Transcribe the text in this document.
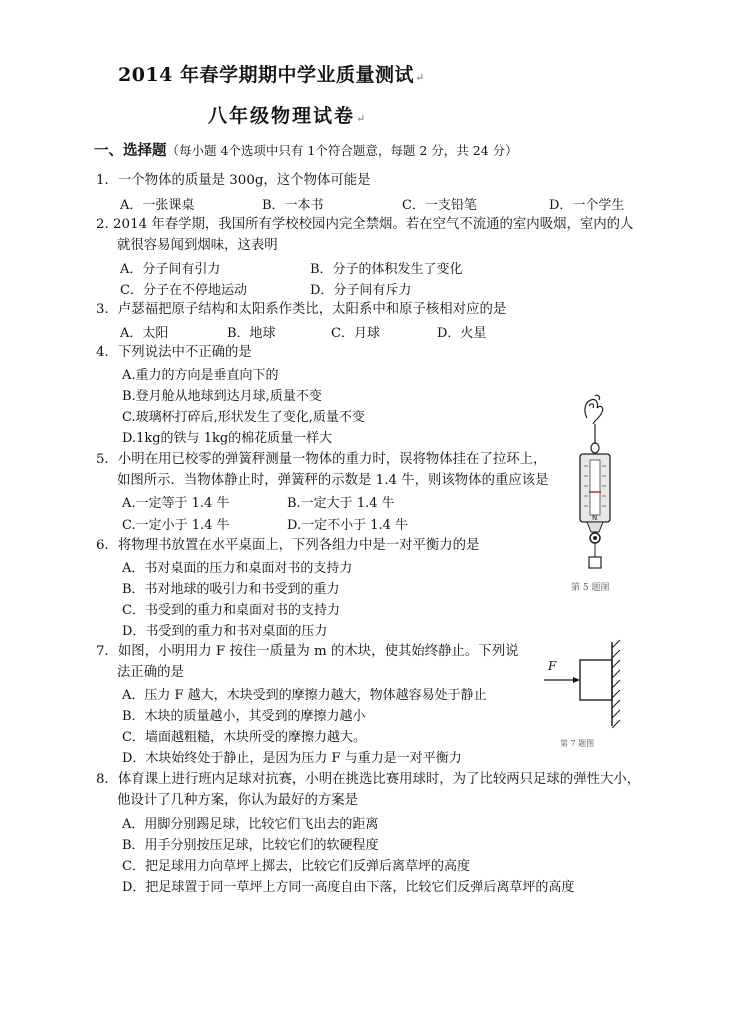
2014 年春学期期中学业质量测试↵
八年级物理试卷↵
一、选择题（每小题 4个选项中只有 1个符合题意，每题 2 分，共 24 分）
1．一个物体的质量是 300g，这个物体可能是
A．一张课桌	B．一本书	C．一支铅笔	D．一个学生
2. 2014 年春学期，我国所有学校校园内完全禁烟。若在空气不流通的室内吸烟，室内的人
就很容易闻到烟味，这表明
A．分子间有引力	B．分子的体积发生了变化
C．分子在不停地运动	D．分子间有斥力
3．卢瑟福把原子结构和太阳系作类比，太阳系中和原子核相对应的是
A．太阳	B．地球	C．月球	D．火星
4．下列说法中不正确的是
A.重力的方向是垂直向下的
B.登月舱从地球到达月球,质量不变
C.玻璃杯打碎后,形状发生了变化,质量不变
D.1kg的铁与 1kg的棉花质量一样大
5．小明在用已校零的弹簧秤测量一物体的重力时，误将物体挂在了拉环上，
如图所示．当物体静止时，弹簧秤的示数是 1.4 牛，则该物体的重应该是
A.一定等于 1.4 牛	B.一定大于 1.4 牛
C.一定小于 1.4 牛	D.一定不小于 1.4 牛
6．将物理书放置在水平桌面上，下列各组力中是一对平衡力的是
A．书对桌面的压力和桌面对书的支持力
B．书对地球的吸引力和书受到的重力
C．书受到的重力和桌面对书的支持力
D．书受到的重力和书对桌面的压力
7．如图，小明用力 F 按住一质量为 m 的木块，使其始终静止。下列说
法正确的是
A．压力 F 越大，木块受到的摩擦力越大，物体越容易处于静止
B．木块的质量越小，其受到的摩擦力越小
C．墙面越粗糙，木块所受的摩擦力越大。
D．木块始终处于静止，是因为压力 F 与重力是一对平衡力
8．体育课上进行班内足球对抗赛，小明在挑选比赛用球时，为了比较两只足球的弹性大小，
他设计了几种方案，你认为最好的方案是
A．用脚分别踢足球，比较它们飞出去的距离
B．用手分别按压足球，比较它们的软硬程度
C．把足球用力向草坪上掷去，比较它们反弹后离草坪的高度
D．把足球置于同一草坪上方同一高度自由下落，比较它们反弹后离草坪的高度
N
第 5 题图
F
第 7 题图
